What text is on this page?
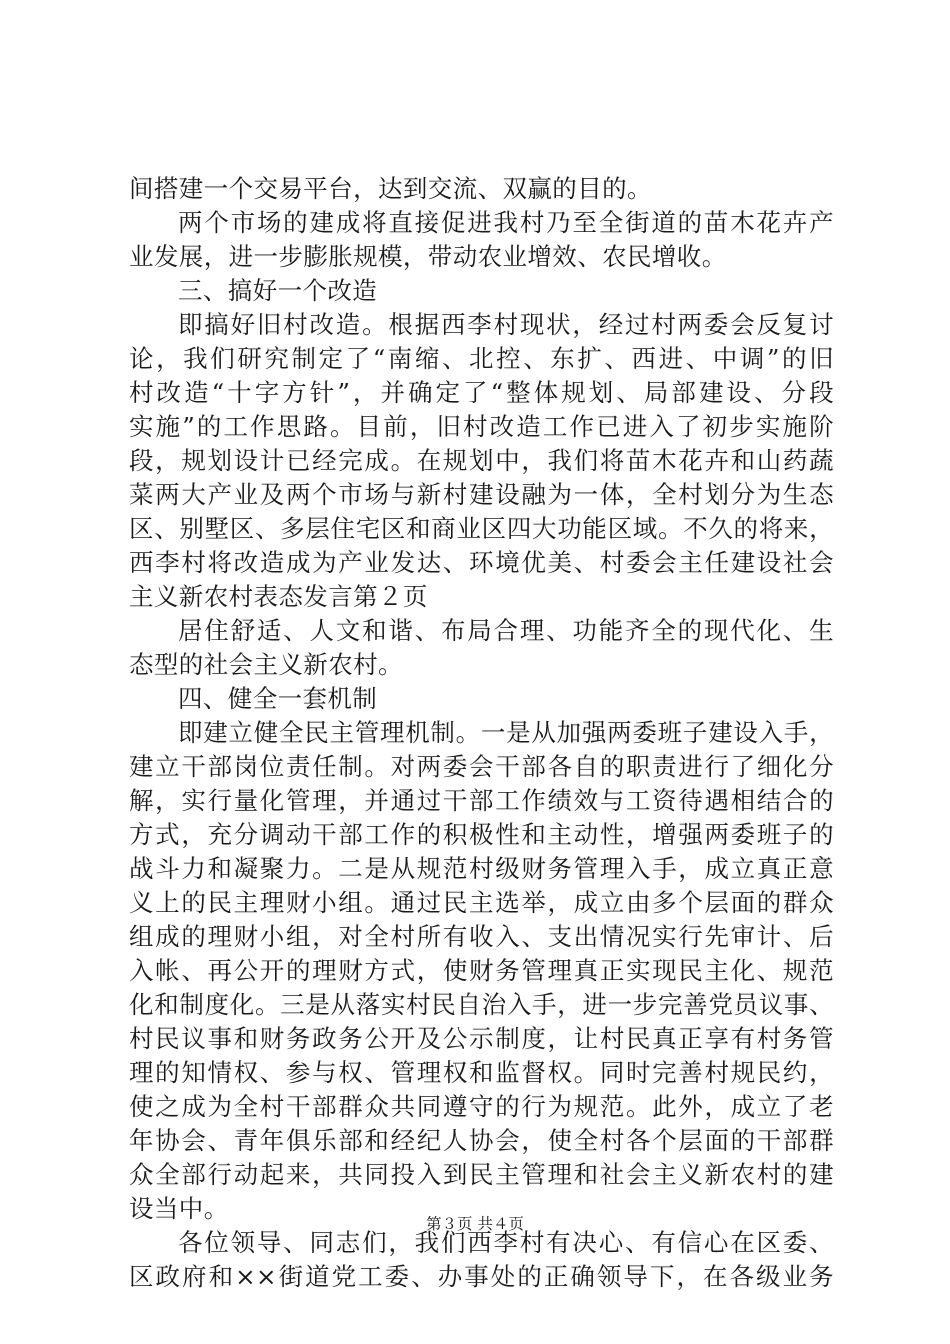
间搭建一个交易平台，达到交流、双赢的目的。
两个市场的建成将直接促进我村乃至全街道的苗木花卉产
业发展，进一步膨胀规模，带动农业增效、农民增收。
三、搞好一个改造
即搞好旧村改造。根据西李村现状，经过村两委会反复讨
论，我们研究制定了“南缩、北控、东扩、西进、中调”的旧
村改造“十字方针”，并确定了“整体规划、局部建设、分段
实施”的工作思路。目前，旧村改造工作已进入了初步实施阶
段，规划设计已经完成。在规划中，我们将苗木花卉和山药蔬
菜两大产业及两个市场与新村建设融为一体，全村划分为生态
区、别墅区、多层住宅区和商业区四大功能区域。不久的将来，
西李村将改造成为产业发达、环境优美、村委会主任建设社会
主义新农村表态发言第２页
居住舒适、人文和谐、布局合理、功能齐全的现代化、生
态型的社会主义新农村。
四、健全一套机制
即建立健全民主管理机制。一是从加强两委班子建设入手，
建立干部岗位责任制。对两委会干部各自的职责进行了细化分
解，实行量化管理，并通过干部工作绩效与工资待遇相结合的
方式，充分调动干部工作的积极性和主动性，增强两委班子的
战斗力和凝聚力。二是从规范村级财务管理入手，成立真正意
义上的民主理财小组。通过民主选举，成立由多个层面的群众
组成的理财小组，对全村所有收入、支出情况实行先审计、后
入帐、再公开的理财方式，使财务管理真正实现民主化、规范
化和制度化。三是从落实村民自治入手，进一步完善党员议事、
村民议事和财务政务公开及公示制度，让村民真正享有村务管
理的知情权、参与权、管理权和监督权。同时完善村规民约，
使之成为全村干部群众共同遵守的行为规范。此外，成立了老
年协会、青年俱乐部和经纪人协会，使全村各个层面的干部群
众全部行动起来，共同投入到民主管理和社会主义新农村的建
设当中。
各位领导、同志们，我们西李村有决心、有信心在区委、
区政府和××街道党工委、办事处的正确领导下，在各级业务
第３页 共４页
